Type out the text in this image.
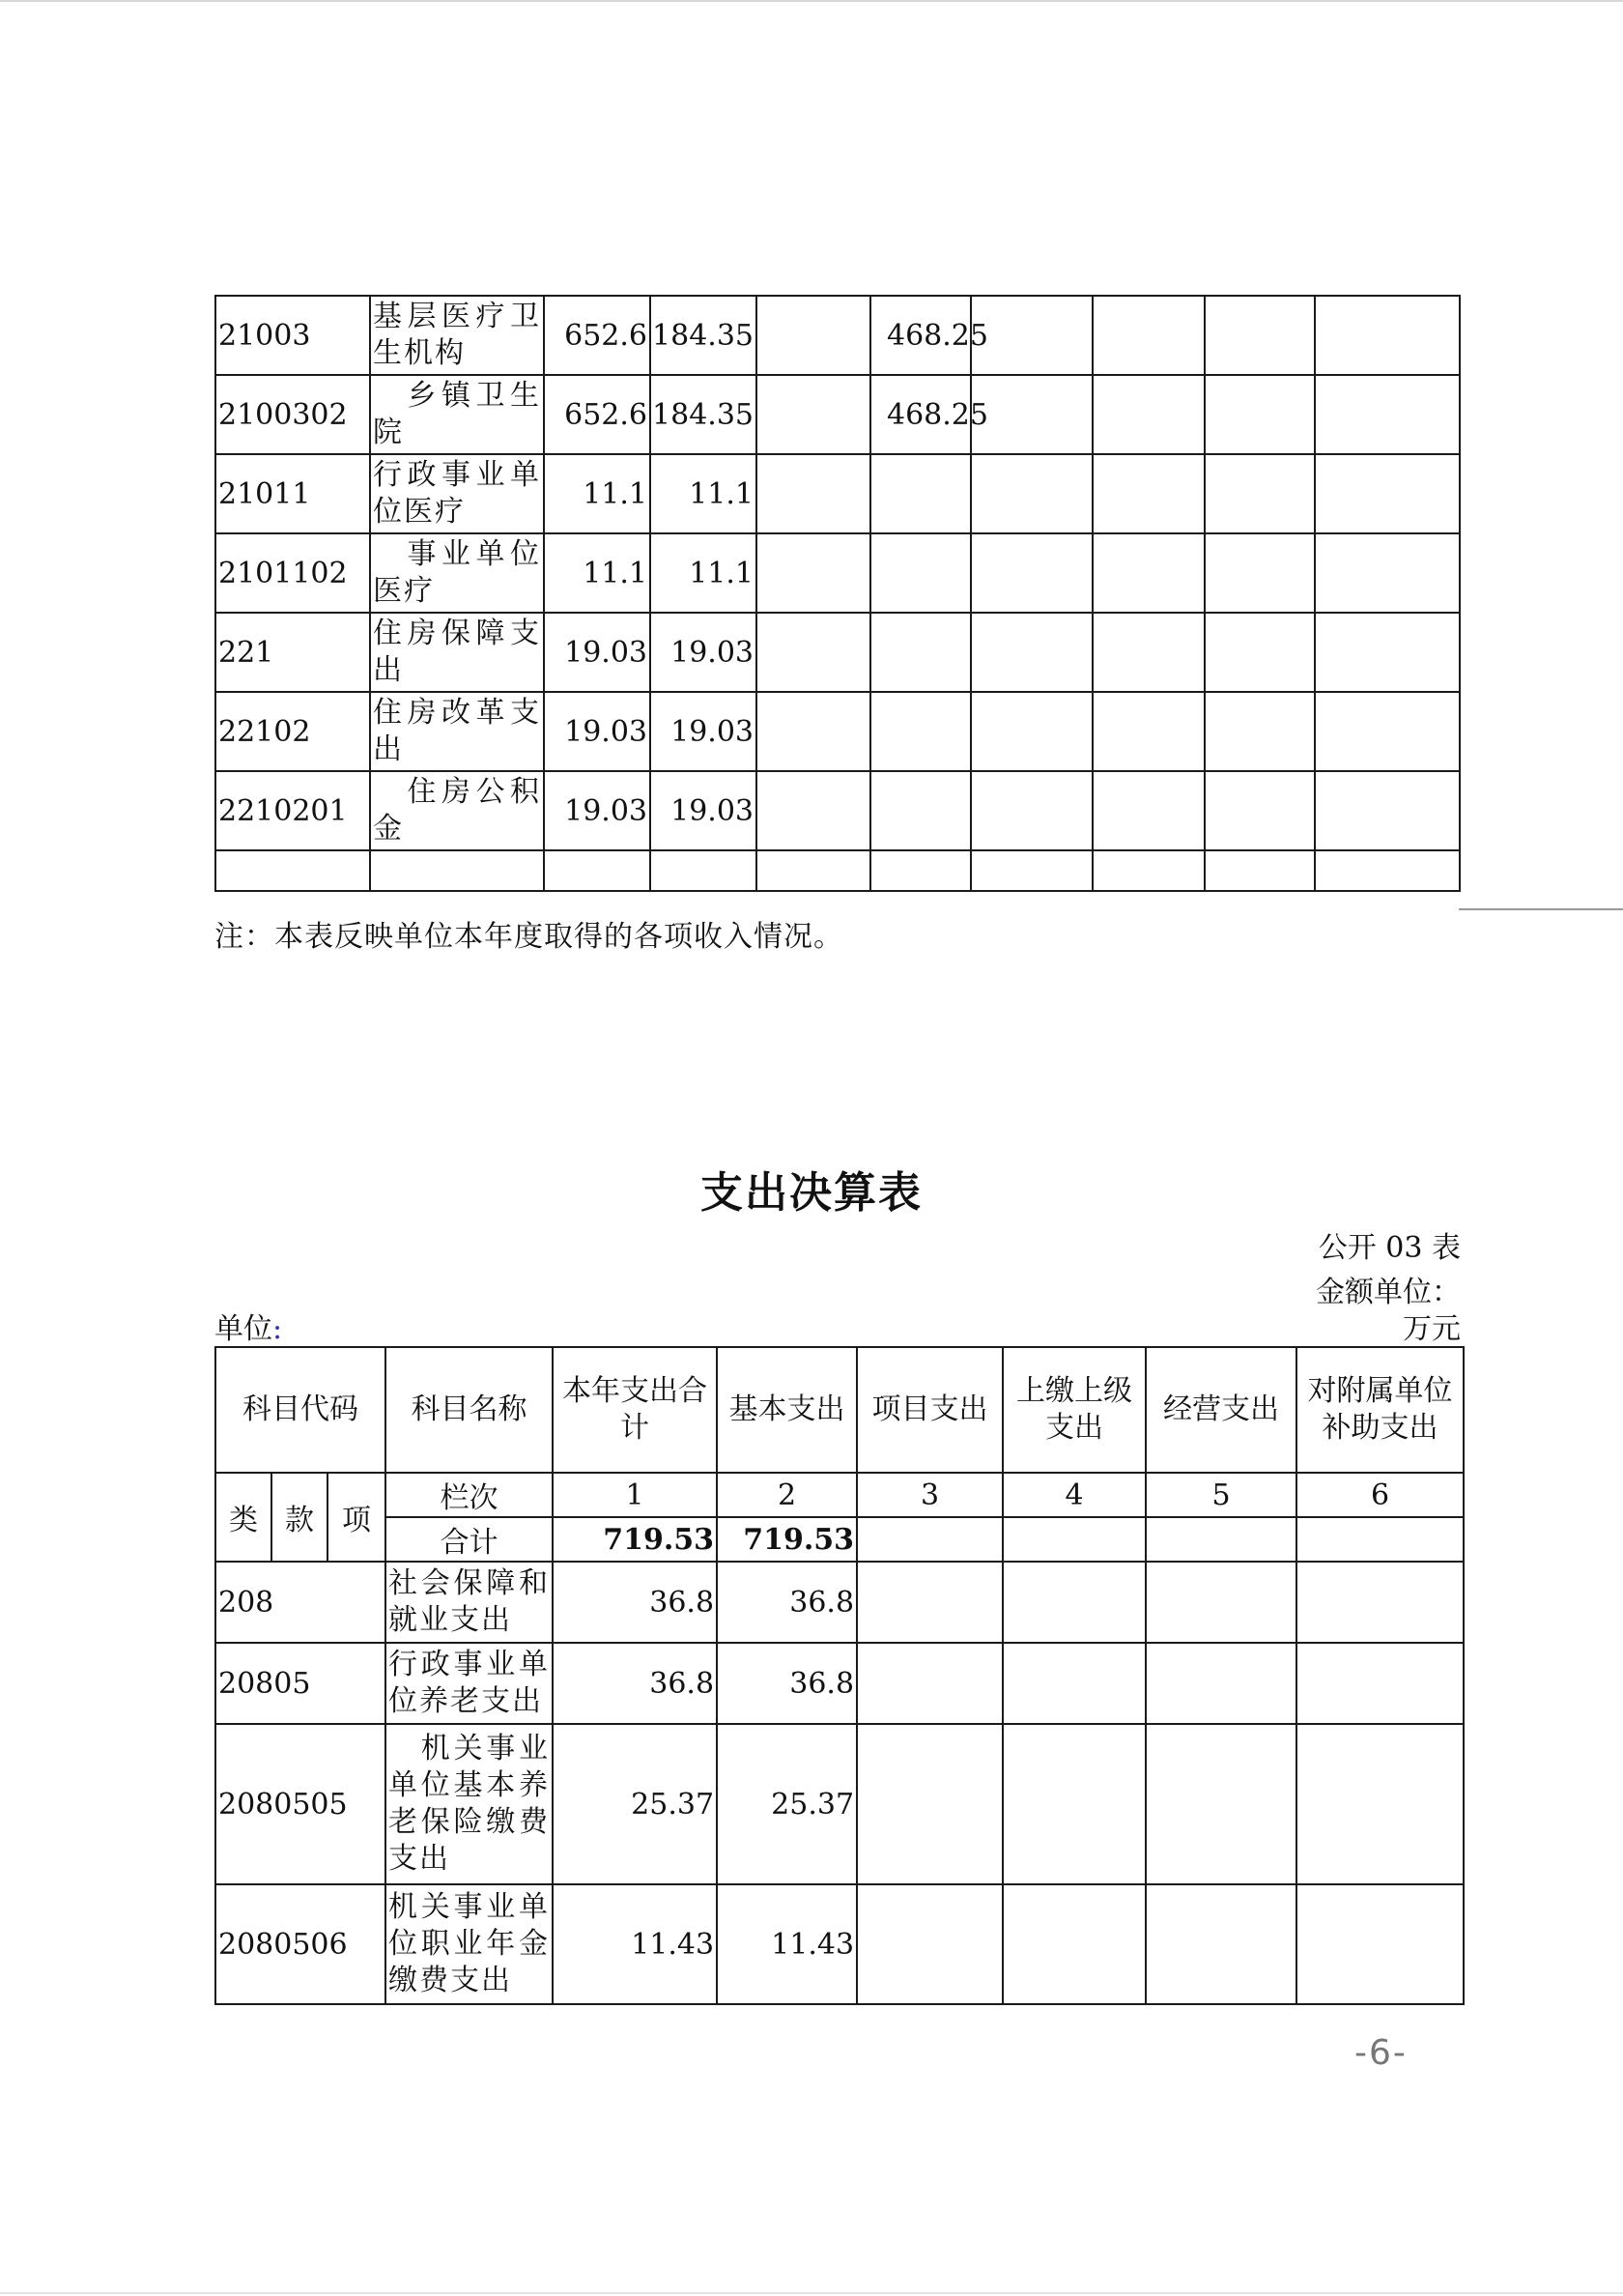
21003	基层医疗卫生机构	652.6	184.35		468.25				
2100302	　乡镇卫生院	652.6	184.35		468.25				
21011	行政事业单位医疗	11.1	11.1						
2101102	　事业单位医疗	11.1	11.1						
221	住房保障支出	19.03	19.03						
22102	住房改革支出	19.03	19.03						
2210201	　住房公积金	19.03	19.03						

注：本表反映单位本年度取得的各项收入情况。
支出决算表
公开 03 表
金额单位：
万元
单位:
科目代码			科目名称	本年支出合计	基本支出	项目支出	上缴上级支出	经营支出	对附属单位补助支出
类	款	项	栏次	1	2	3	4	5	6
			合计	719.53	719.53				
208			社会保障和就业支出	36.8	36.8				
20805			行政事业单位养老支出	36.8	36.8				
2080505			　机关事业单位基本养老保险缴费支出	25.37	25.37				
2080506			机关事业单位职业年金缴费支出	11.43	11.43				
-6-
